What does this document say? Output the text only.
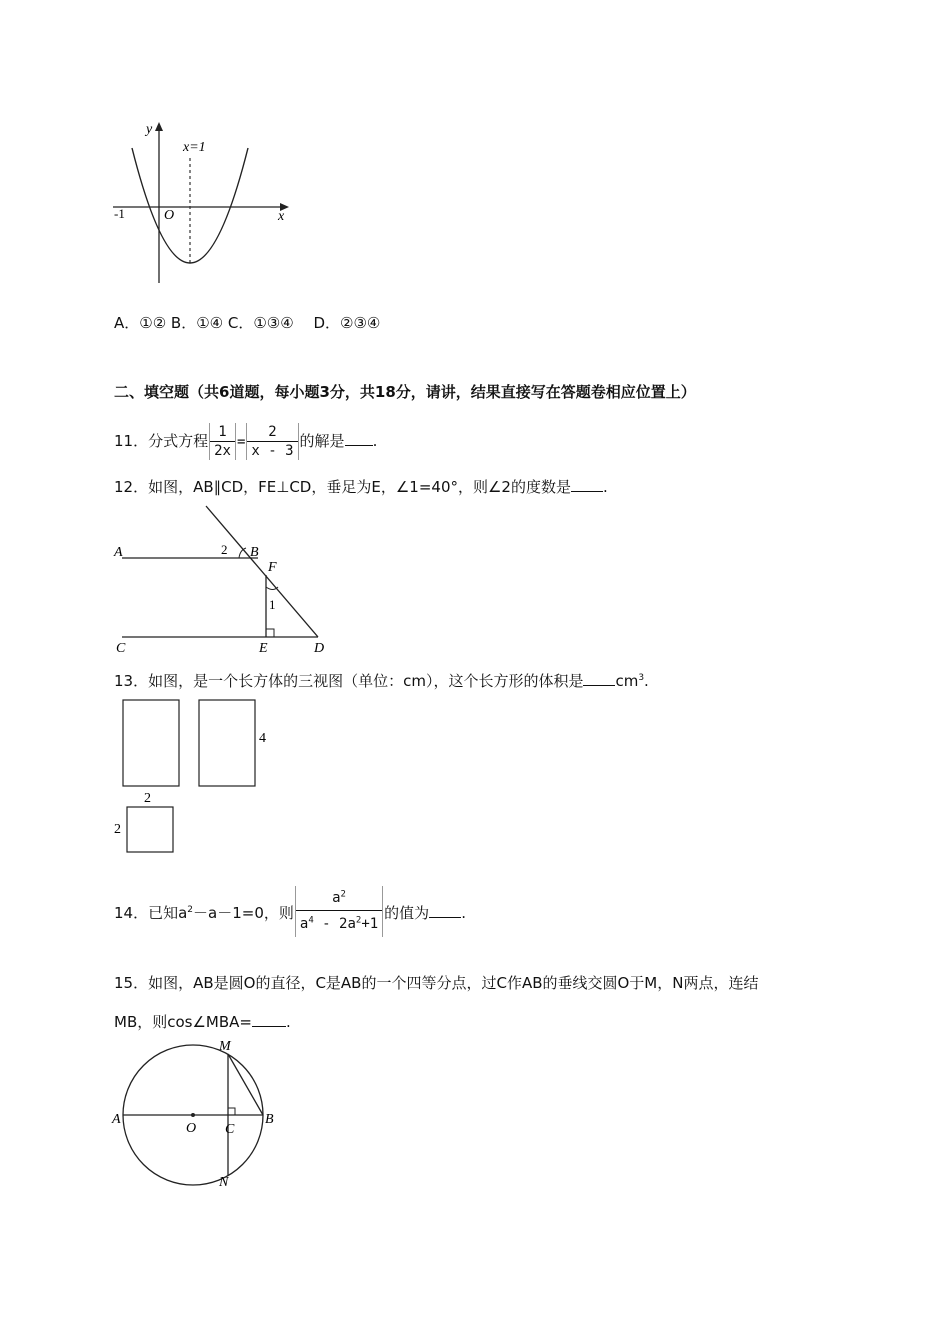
y
x
x=1
-1	O
A．①② B．①④ C．①③④　 D．②③④
二、填空题（共6道题，每小题3分，共18分，请讲，结果直接写在答题卷相应位置上）
11．分式方程 $\frac{1}{2x} = \frac{2}{x - 3}$ 的解是 .
12．如图，AB∥CD，FE⊥CD，垂足为E，∠1=40°，则∠2的度数是 .
A	B
C	D
E
F
1
2
13．如图，是一个长方体的三视图（单位：cm），这个长方形的体积是 $cm^3$.
4
2
2
14．已知$a^2-a-1=0$，则 $\frac{a^2}{a^4 - 2a^2+1}$ 的值为 .
15．如图，AB是圆O的直径，C是AB的一个四等分点，过C作AB的垂线交圆O于M，N两点，连结
MB，则cos∠MBA= .
A	B
O C
M
N
